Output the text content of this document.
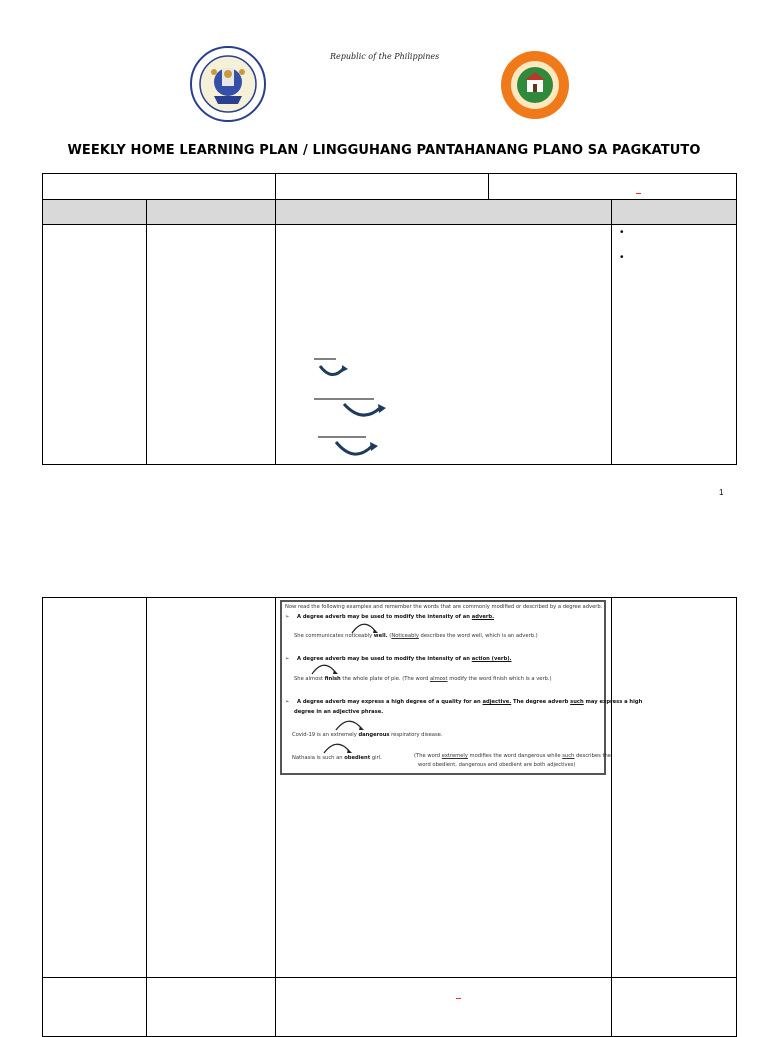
Republic of the Philippines
WEEKLY HOME LEARNING PLAN / LINGGUHANG PANTAHANANG PLANO SA PAGKATUTO
•
•
1
Now read the following examples and remember the words that are commonly modified or described by a degree adverb.
➢ A degree adverb may be used to modify the intensity of an adverb.
She communicates noticeably well. (Noticeably describes the word well, which is an adverb.)
➢ A degree adverb may be used to modify the intensity of an action (verb).
She almost finish the whole plate of pie. (The word almost modify the word finish which is a verb.)
➢ A degree adverb may express a high degree of a quality for an adjective. The degree adverb such may express a high
degree in an adjective phrase.
Covid-19 is an extremely dangerous respiratory disease.
Nathasia is such an obedient girl.	(The word extremely modifies the word dangerous while such describes the
word obedient, dangerous and obedient are both adjectives)
